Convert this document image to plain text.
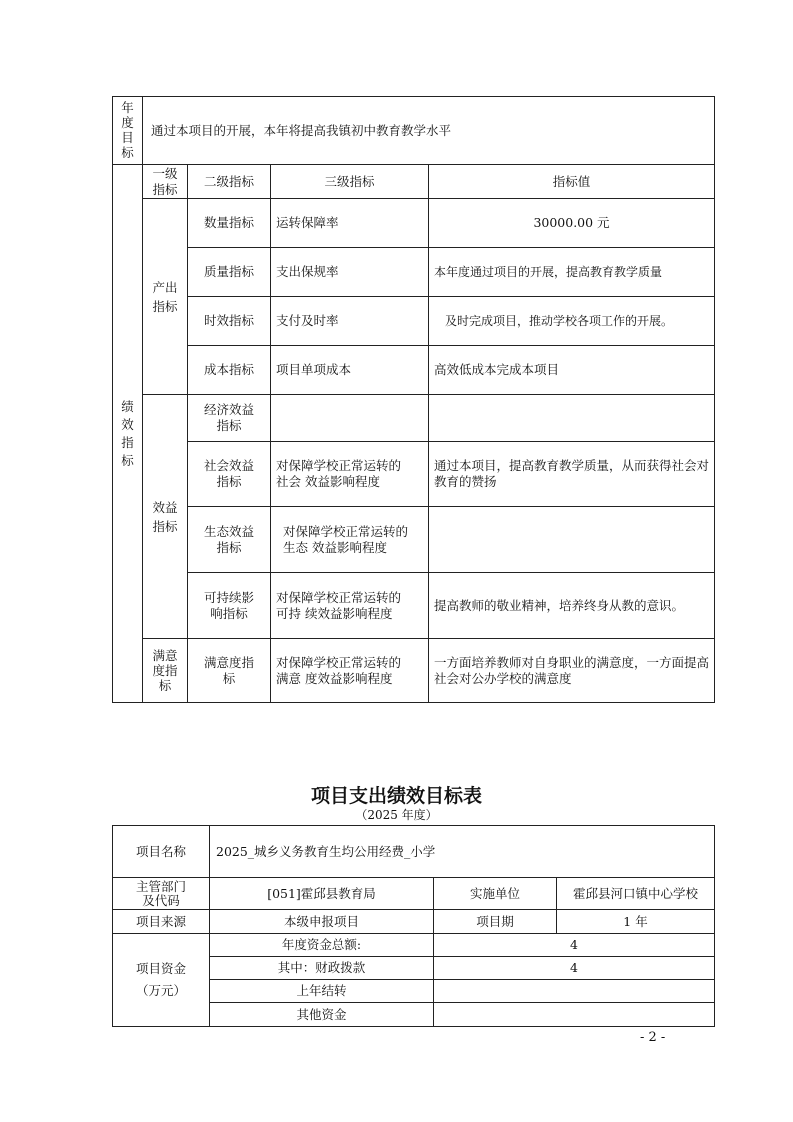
年度目标	通过本项目的开展，本年将提高我镇初中教育教学水平			
绩效指标	一级指标	二级指标	三级指标	指标值
	产出指标	数量指标	运转保障率	30000.00 元
		质量指标	支出保规率	本年度通过项目的开展，提高教育教学质量
		时效指标	支付及时率	及时完成项目，推动学校各项工作的开展。
		成本指标	项目单项成本	高效低成本完成本项目
	效益指标	经济效益指标		
		社会效益指标	对保障学校正常运转的社会 效益影响程度	通过本项目，提高教育教学质量，从而获得社会对教育的赞扬
		生态效益指标	对保障学校正常运转的生态 效益影响程度	
		可持续影响指标	对保障学校正常运转的可持 续效益影响程度	提高教师的敬业精神，培养终身从教的意识。
	满意度指标	满意度指标	对保障学校正常运转的满意 度效益影响程度	一方面培养教师对自身职业的满意度，一方面提高社会对公办学校的满意度
项目支出绩效目标表
（2025 年度）
项目名称	2025_城乡义务教育生均公用经费_小学		
主管部门及代码	[051]霍邱县教育局	实施单位	霍邱县河口镇中心学校
项目来源	本级申报项目	项目期	1 年
项目资金
（万元）	年度资金总额:	4	
	其中：财政拨款	4	
	上年结转		
	其他资金		
- 2 -
